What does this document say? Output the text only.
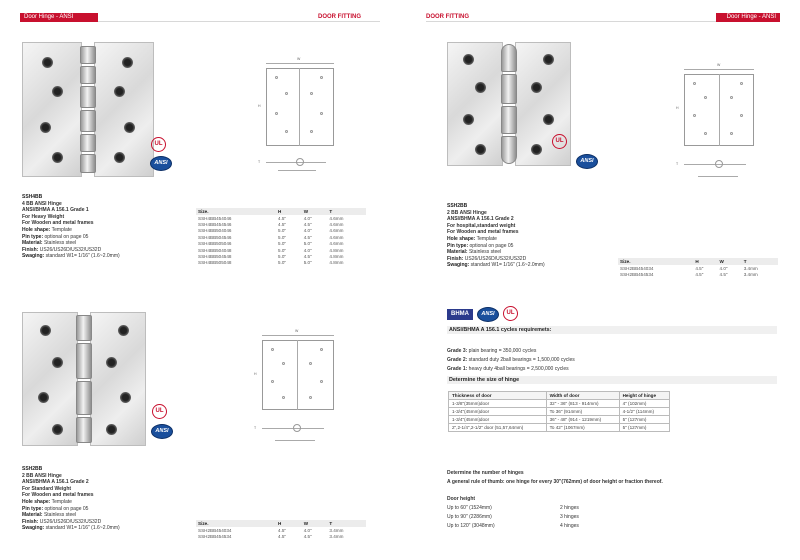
Door Hinge - ANSI	DOOR FITTING
UL
ANSI
W
H
T
SSH4BB
4 BB ANSI Hinge
ANSI/BHMA A 156.1 Grade 1
For Heavy Weight
For Wooden and metal frames
Hole shape: Template
Pin type: optional on page 05
Material: Stainless steel
Finish: US26/US26D/US32/US32D
Swaging: standard W1= 1/16" (1.6~2.0mm)
Size.	H	W	T
SSH4BB454046	4.5"	4.0"	4.6mm
SSH4BB454546	4.5"	4.5"	4.6mm
SSH4BB504046	5.0"	4.0"	4.6mm
SSH4BB504546	5.0"	4.5"	4.6mm
SSH4BB505046	5.0"	5.0"	4.6mm
SSH4BB504048	5.0"	4.0"	4.8mm
SSH4BB504548	5.0"	4.5"	4.8mm
SSH4BB505048	5.0"	5.0"	4.8mm
UL
ANSI
W
H
T
SSH2BB
2 BB ANSI Hinge
ANSI/BHMA A 156.1 Grade 2
For Standard Weight
For Wooden and metal frames
Hole shape: Template
Pin type: optional on page 05
Material: Stainless steel
Finish: US26/US26D/US32/US32D
Swaging: standard W1= 1/16" (1.6~2.0mm)
Size.	H	W	T
SSH2BB454034	4.5"	4.0"	3.4mm
SSH2BB454534	4.5"	4.5"	3.4mm
DOOR FITTING	Door Hinge - ANSI
UL
ANSI
W
H
T
SSH2BB
2 BB ANSI Hinge
ANSI/BHMA A 156.1 Grade 2
For hospital,standard weight
For Wooden and metal frames
Hole shape: Template
Pin type: optional on page 05
Material: Stainless steel
Finish: US26/US26D/US32/US32D
Swaging: standard W1= 1/16" (1.6~2.0mm)
Size.	H	W	T
SSH2BB454034	4.5"	4.0"	3.4mm
SSH2BB454534	4.5"	4.5"	3.4mm
BHMA	ANSI	UL
ANSI/BHMA A 156.1 cycles requiremets:
Grade 3: plain bearing = 350,000 cycles
Grade 2: standard duty 2ball bearings = 1,500,000 cycles
Grade 1: heavy duty 4ball bearings = 2,500,000 cycles
Determine the size of hinge
Thickness of door	Width of door	Height of hinge
1-3/8"(35mm)door	32" - 36" (813 - 914mm)	4" (102mm)
1-3/4"(45mm)door	To 36" (914mm)	4-1/2" (114mm)
1-3/4"(45mm)door	36" - 48" (914 - 1219mm)	5" (127mm)
2",2-1/4",2-1/2" door (51,57,64mm)	To 42" (1067mm)	5" (127mm)
Determine the number of hinges
A general rule of thumb: one hinge for every 30"(762mm) of door height or fraction thereof.
Door height
Up to 60" (1524mm)	2 hinges
Up to 90" (2286mm)	3 hinges
Up to 120" (3048mm)	4 hinges
